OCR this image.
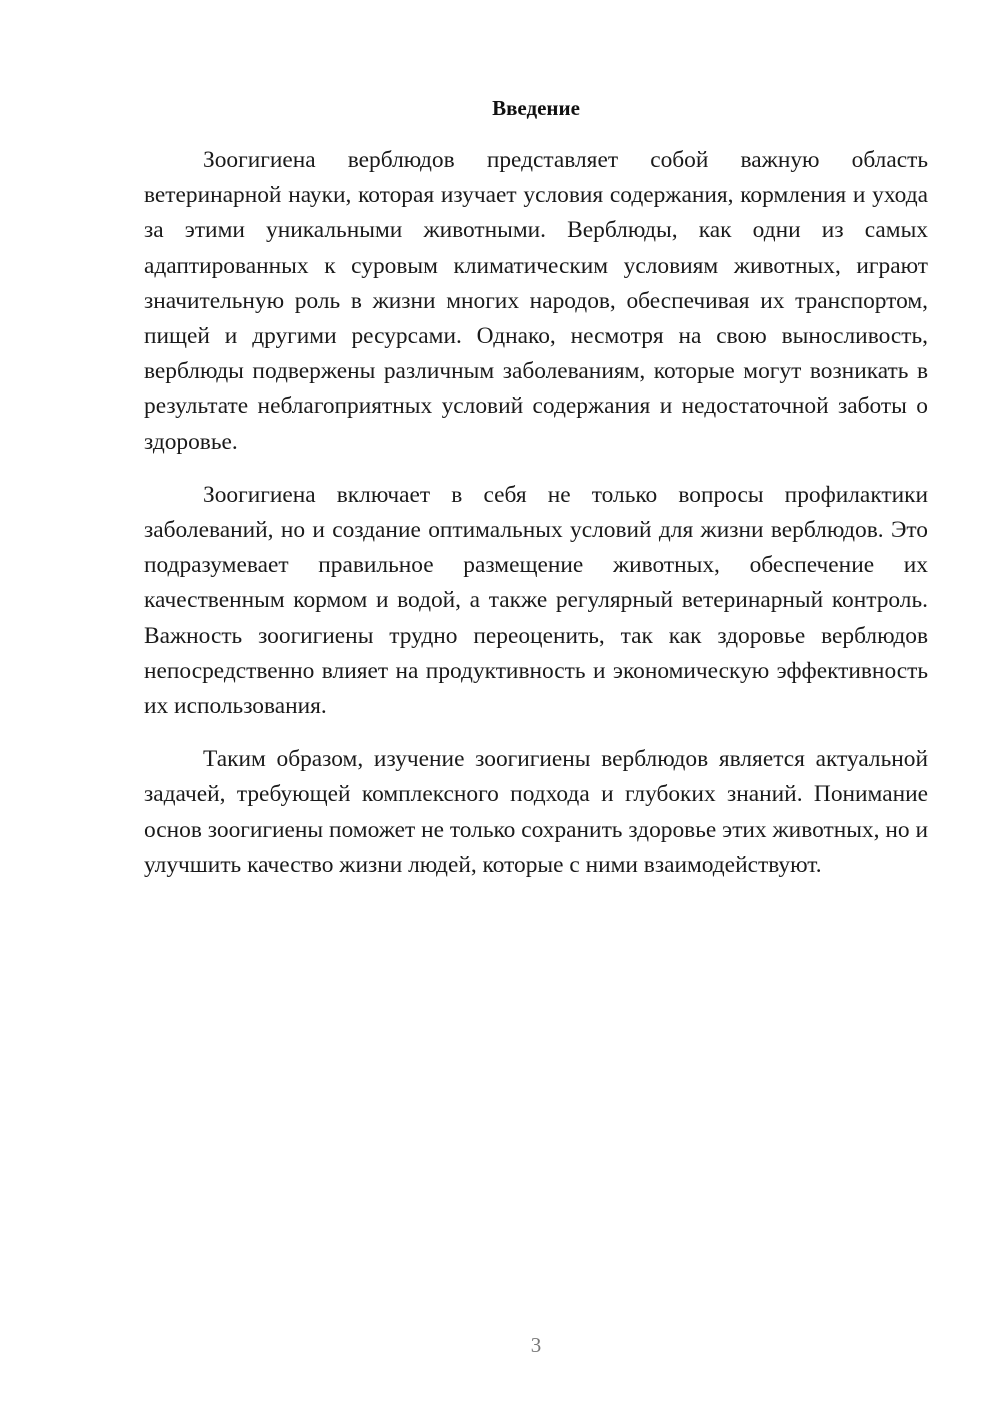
Введение

Зоогигиена верблюдов представляет собой важную область ветеринарной науки, которая изучает условия содержания, кормления и ухода за этими уникальными животными. Верблюды, как одни из самых адаптированных к суровым климатическим условиям животных, играют значительную роль в жизни многих народов, обеспечивая их транспортом, пищей и другими ресурсами. Однако, несмотря на свою выносливость, верблюды подвержены различным заболеваниям, которые могут возникать в результате неблагоприятных условий содержания и недостаточной заботы о здоровье.

Зоогигиена включает в себя не только вопросы профилактики заболеваний, но и создание оптимальных условий для жизни верблюдов. Это подразумевает правильное размещение животных, обеспечение их качественным кормом и водой, а также регулярный ветеринарный контроль. Важность зоогигиены трудно переоценить, так как здоровье верблюдов непосредственно влияет на продуктивность и экономическую эффективность их использования.

Таким образом, изучение зоогигиены верблюдов является актуальной задачей, требующей комплексного подхода и глубоких знаний. Понимание основ зоогигиены поможет не только сохранить здоровье этих животных, но и улучшить качество жизни людей, которые с ними взаимодействуют.

3
